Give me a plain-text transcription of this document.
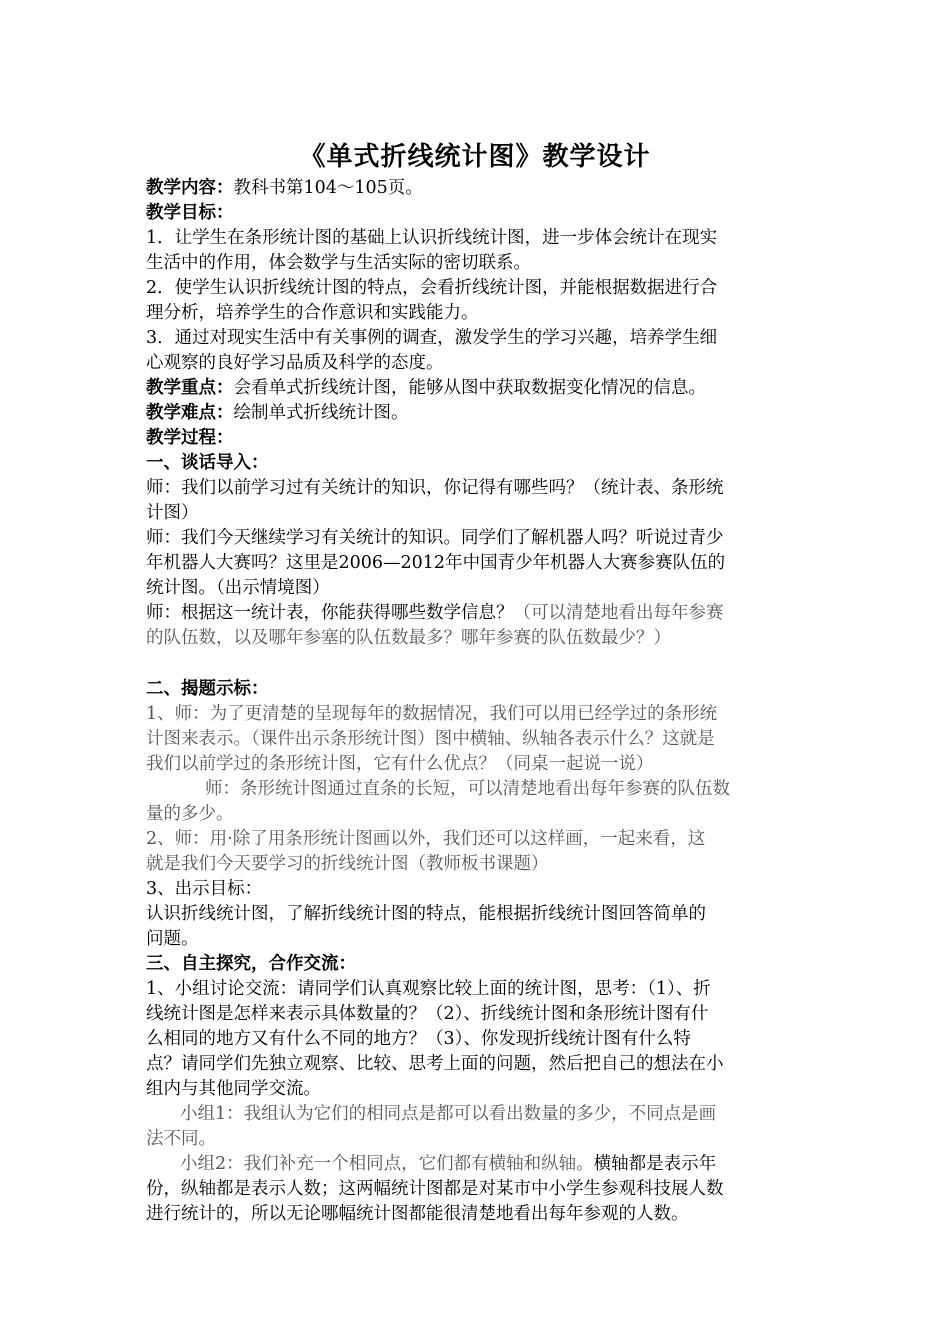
《单式折线统计图》教学设计
教学内容：教科书第104～105页。
教学目标：
1．让学生在条形统计图的基础上认识折线统计图，进一步体会统计在现实
生活中的作用，体会数学与生活实际的密切联系。
2．使学生认识折线统计图的特点，会看折线统计图，并能根据数据进行合
理分析，培养学生的合作意识和实践能力。
3．通过对现实生活中有关事例的调查，激发学生的学习兴趣，培养学生细
心观察的良好学习品质及科学的态度。
教学重点：会看单式折线统计图，能够从图中获取数据变化情况的信息。
教学难点：绘制单式折线统计图。
教学过程：
一、谈话导入：
师：我们以前学习过有关统计的知识，你记得有哪些吗？（统计表、条形统
计图）
师：我们今天继续学习有关统计的知识。同学们了解机器人吗？听说过青少
年机器人大赛吗？这里是2006—2012年中国青少年机器人大赛参赛队伍的
统计图。（出示情境图）
师：根据这一统计表，你能获得哪些数学信息？（可以清楚地看出每年参赛
的队伍数，以及哪年参塞的队伍数最多？哪年参赛的队伍数最少？）
二、揭题示标：
1、师：为了更清楚的呈现每年的数据情况，我们可以用已经学过的条形统
计图来表示。（课件出示条形统计图）图中横轴、纵轴各表示什么？这就是
我们以前学过的条形统计图，它有什么优点？（同桌一起说一说）
师：条形统计图通过直条的长短，可以清楚地看出每年参赛的队伍数
量的多少。
2、师：用·除了用条形统计图画以外，我们还可以这样画，一起来看，这
就是我们今天要学习的折线统计图（教师板书课题）
3、出示目标：
认识折线统计图，了解折线统计图的特点，能根据折线统计图回答简单的
问题。
三、自主探究，合作交流：
1、小组讨论交流：请同学们认真观察比较上面的统计图，思考：（1）、折
线统计图是怎样来表示具体数量的？（2）、折线统计图和条形统计图有什
么相同的地方又有什么不同的地方？（3）、你发现折线统计图有什么特
点？请同学们先独立观察、比较、思考上面的问题，然后把自己的想法在小
组内与其他同学交流。
小组1：我组认为它们的相同点是都可以看出数量的多少，不同点是画
法不同。
小组2：我们补充一个相同点，它们都有横轴和纵轴。横轴都是表示年
份，纵轴都是表示人数；这两幅统计图都是对某市中小学生参观科技展人数
进行统计的，所以无论哪幅统计图都能很清楚地看出每年参观的人数。
